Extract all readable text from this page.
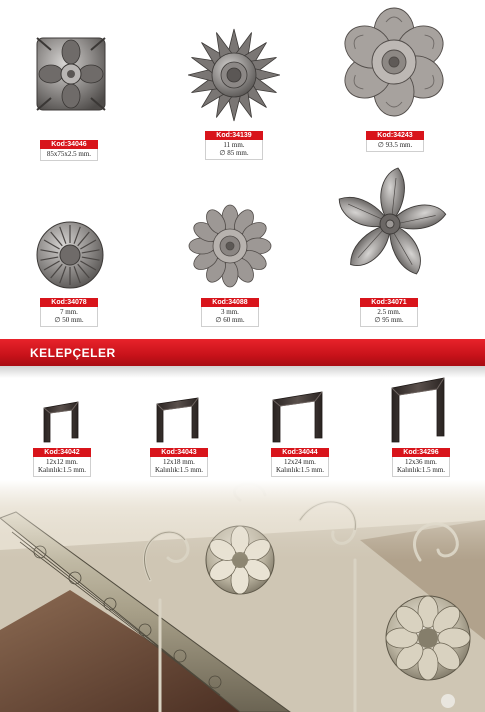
Kod:34046
85x75x2.5 mm.
Kod:34139
11 mm.
∅ 85 mm.
Kod:34243
∅ 93.5 mm.
Kod:34078
7 mm.
∅ 50 mm.
Kod:34088
3 mm.
∅ 60 mm.
Kod:34071
2.5 mm.
∅ 95 mm.
KELEPÇELER
Kod:34042
12x12 mm.
Kalınlık:1.5 mm.
Kod:34043
12x18 mm.
Kalınlık:1.5 mm.
Kod:34044
12x24 mm.
Kalınlık:1.5 mm.
Kod:34296
12x36 mm.
Kalınlık:1.5 mm.
